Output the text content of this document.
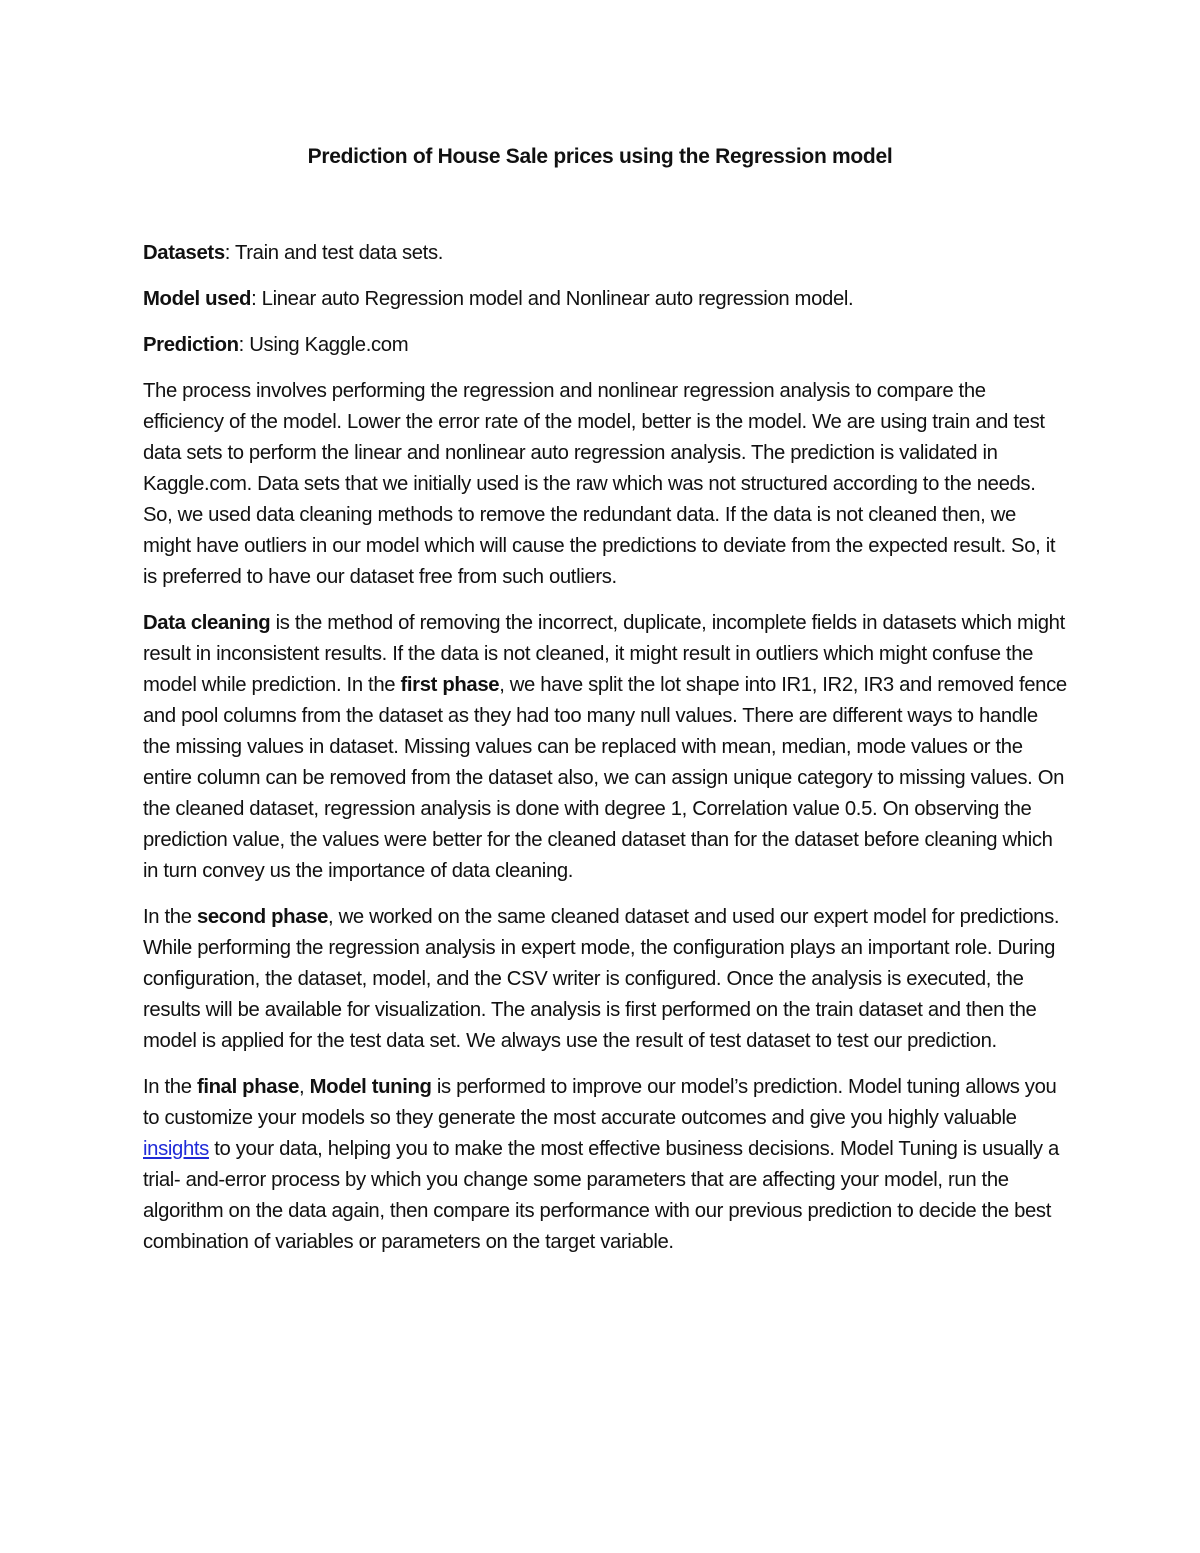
Prediction of House Sale prices using the Regression model

Datasets: Train and test data sets.

Model used: Linear auto Regression model and Nonlinear auto regression model.

Prediction: Using Kaggle.com

The process involves performing the regression and nonlinear regression analysis to compare the efficiency of the model. Lower the error rate of the model, better is the model. We are using train and test data sets to perform the linear and nonlinear auto regression analysis. The prediction is validated in Kaggle.com. Data sets that we initially used is the raw which was not structured according to the needs. So, we used data cleaning methods to remove the redundant data. If the data is not cleaned then, we might have outliers in our model which will cause the predictions to deviate from the expected result. So, it is preferred to have our dataset free from such outliers.

Data cleaning is the method of removing the incorrect, duplicate, incomplete fields in datasets which might result in inconsistent results. If the data is not cleaned, it might result in outliers which might confuse the model while prediction. In the first phase, we have split the lot shape into IR1, IR2, IR3 and removed fence and pool columns from the dataset as they had too many null values. There are different ways to handle the missing values in dataset. Missing values can be replaced with mean, median, mode values or the entire column can be removed from the dataset also, we can assign unique category to missing values. On the cleaned dataset, regression analysis is done with degree 1, Correlation value 0.5. On observing the prediction value, the values were better for the cleaned dataset than for the dataset before cleaning which in turn convey us the importance of data cleaning.

In the second phase, we worked on the same cleaned dataset and used our expert model for predictions. While performing the regression analysis in expert mode, the configuration plays an important role. During configuration, the dataset, model, and the CSV writer is configured. Once the analysis is executed, the results will be available for visualization. The analysis is first performed on the train dataset and then the model is applied for the test data set. We always use the result of test dataset to test our prediction.

In the final phase, Model tuning is performed to improve our model’s prediction. Model tuning allows you to customize your models so they generate the most accurate outcomes and give you highly valuable insights to your data, helping you to make the most effective business decisions. Model Tuning is usually a trial- and-error process by which you change some parameters that are affecting your model, run the algorithm on the data again, then compare its performance with our previous prediction to decide the best combination of variables or parameters on the target variable.
